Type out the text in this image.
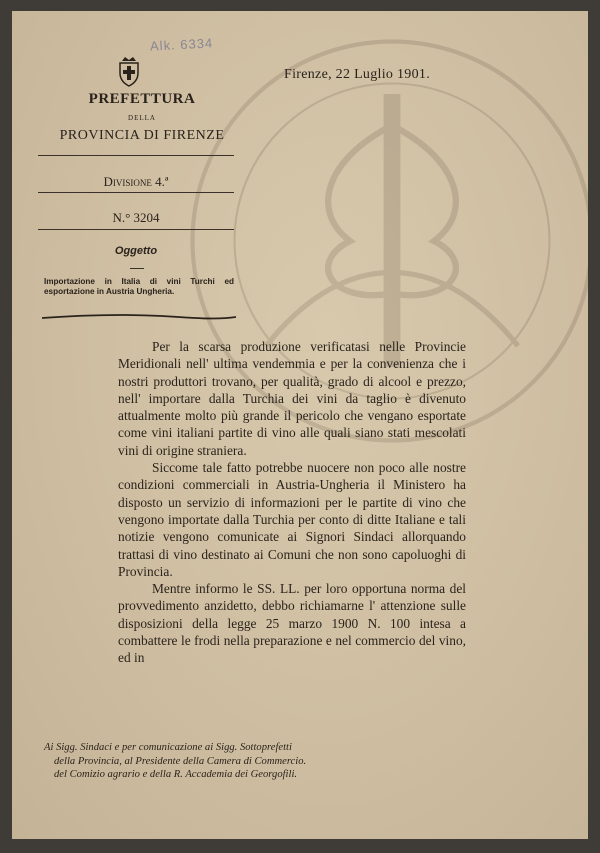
Alk. 6334
PREFETTURA
DELLA
PROVINCIA DI FIRENZE
Divisione 4.ª
N.° 3204
Oggetto
Importazione in Italia di vini Turchi ed esportazione in Austria Ungheria.
Firenze, 22 Luglio 1901.

Per la scarsa produzione verificatasi nelle Provincie Meridionali nell' ultima vendemmia e per la convenienza che i nostri produttori trovano, per qualità, grado di alcool e prezzo, nell' importare dalla Turchia dei vini da taglio è divenuto attualmente molto più grande il pericolo che vengano esportate come vini italiani partite di vino alle quali siano stati mescolati vini di origine straniera.

Siccome tale fatto potrebbe nuocere non poco alle nostre condizioni commerciali in Austria-Ungheria il Ministero ha disposto un servizio di informazioni per le partite di vino che vengono importate dalla Turchia per conto di ditte Italiane e tali notizie vengono comunicate ai Signori Sindaci allorquando trattasi di vino destinato ai Comuni che non sono capoluoghi di Provincia.

Mentre informo le SS. LL. per loro opportuna norma del provvedimento anzidetto, debbo richiamarne l' attenzione sulle disposizioni della legge 25 marzo 1900 N. 100 intesa a combattere le frodi nella preparazione e nel commercio del vino, ed in

Ai Sigg. Sindaci e per comunicazione ai Sigg. Sottoprefetti
della Provincia, al Presidente della Camera di Commercio.
del Comizio agrario e della R. Accademia dei Georgofili.
